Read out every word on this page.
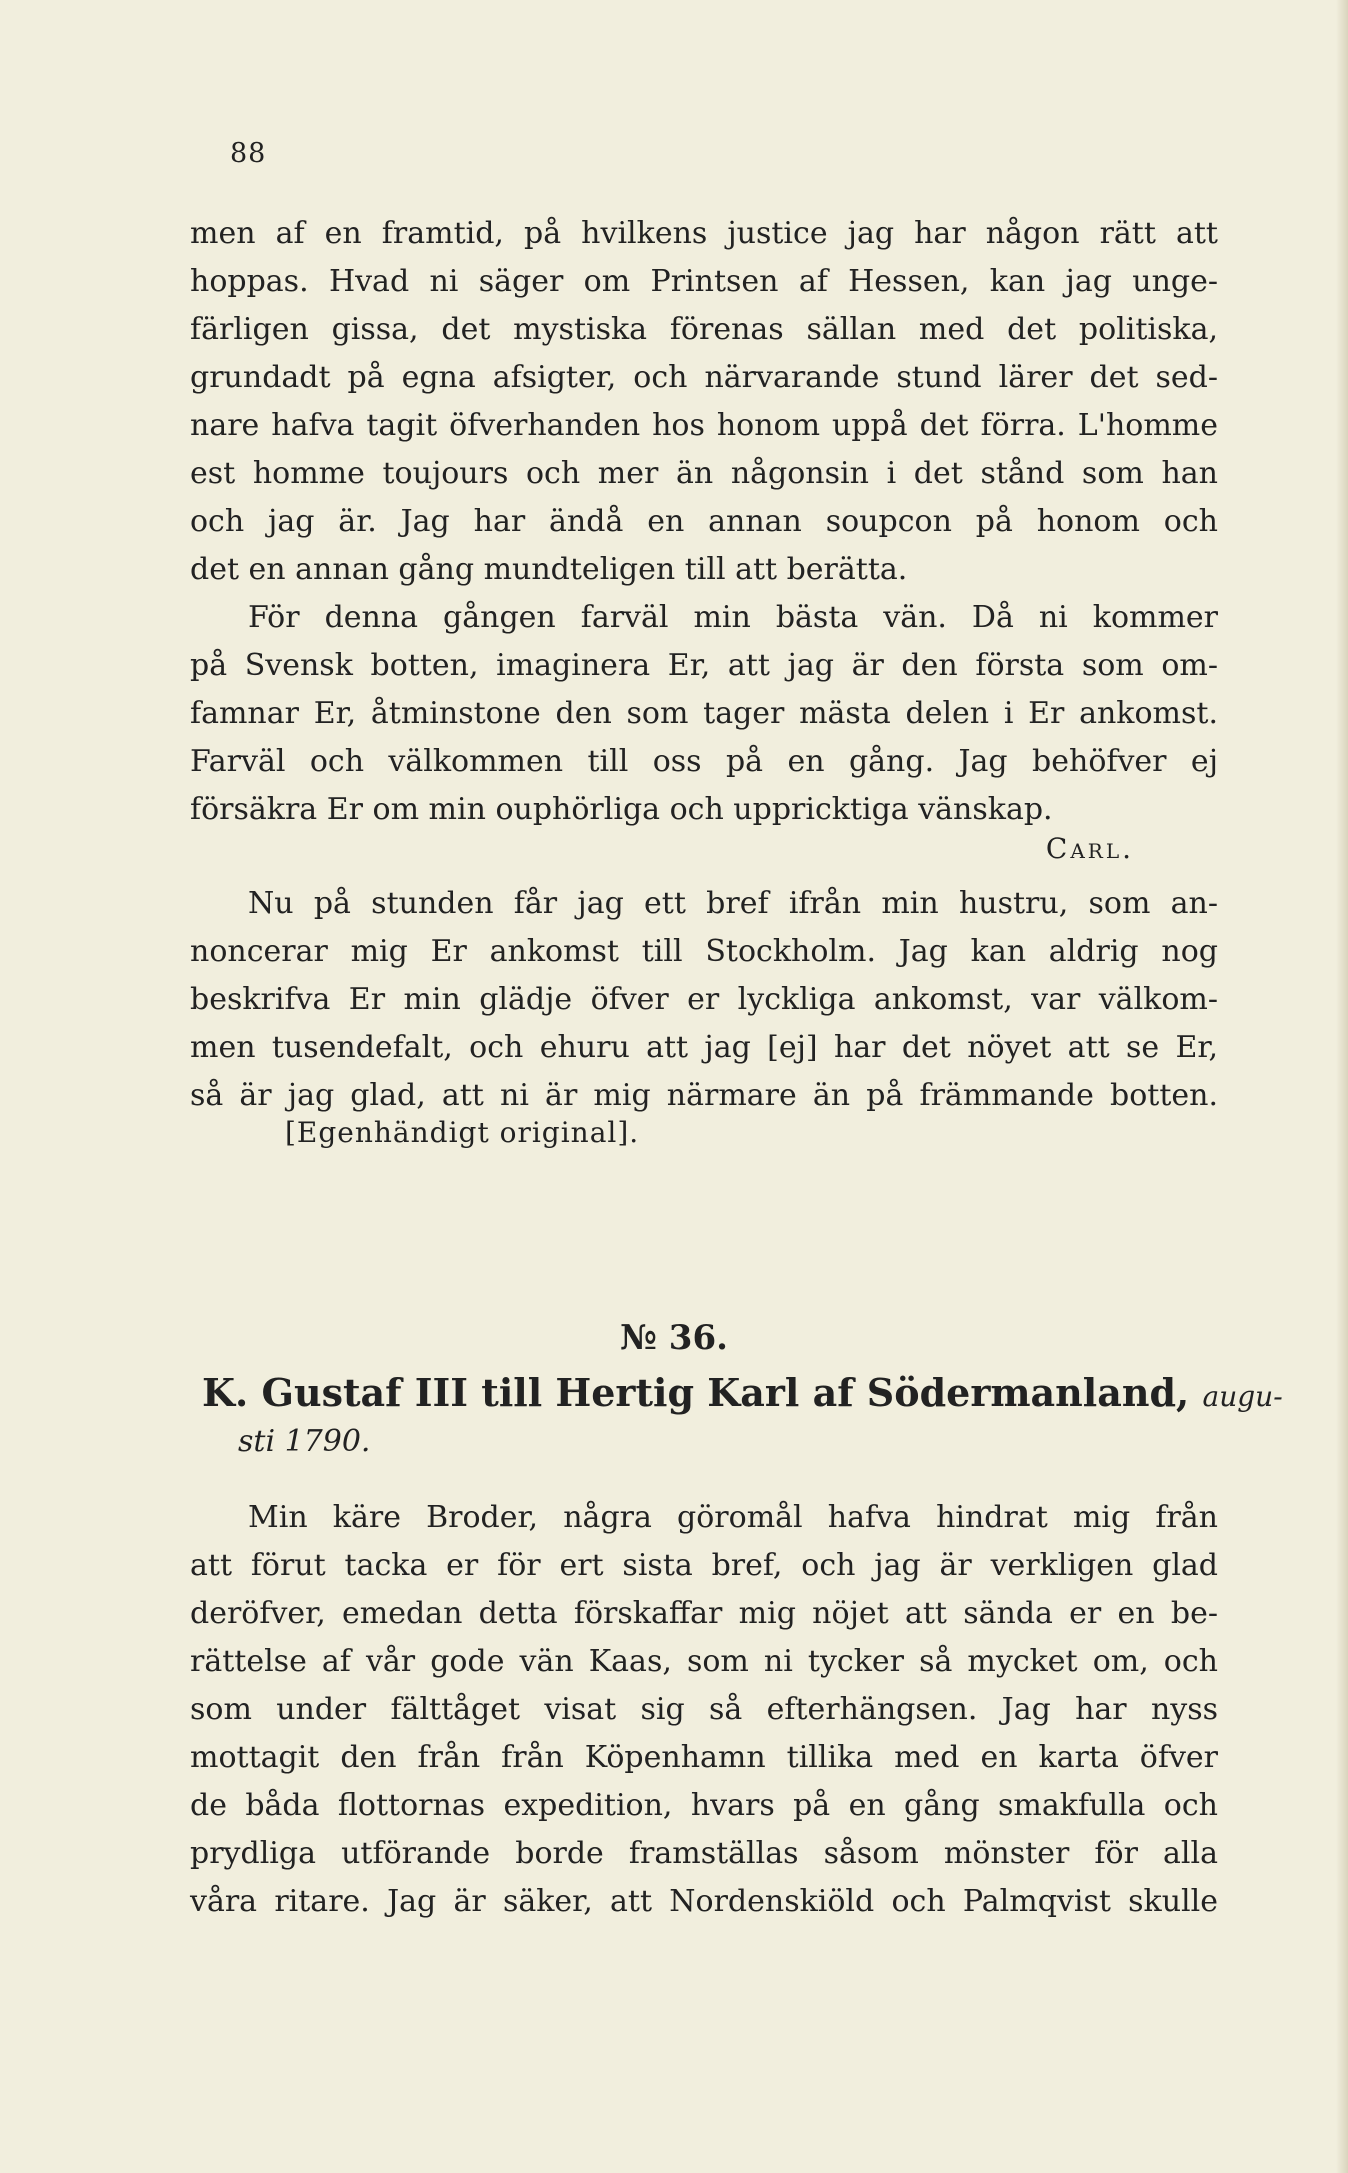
88
men af en framtid, på hvilkens justice jag har någon rätt att
hoppas. Hvad ni säger om Printsen af Hessen, kan jag unge-
färligen gissa, det mystiska förenas sällan med det politiska,
grundadt på egna afsigter, och närvarande stund lärer det sed-
nare hafva tagit öfverhanden hos honom uppå det förra. L'homme
est homme toujours och mer än någonsin i det stånd som han
och jag är. Jag har ändå en annan soupcon på honom och
det en annan gång mundteligen till att berätta.
För denna gången farväl min bästa vän. Då ni kommer
på Svensk botten, imaginera Er, att jag är den första som om-
famnar Er, åtminstone den som tager mästa delen i Er ankomst.
Farväl och välkommen till oss på en gång. Jag behöfver ej
försäkra Er om min ouphörliga och uppricktiga vänskap.
Carl.
Nu på stunden får jag ett bref ifrån min hustru, som an-
noncerar mig Er ankomst till Stockholm. Jag kan aldrig nog
beskrifva Er min glädje öfver er lyckliga ankomst, var välkom-
men tusendefalt, och ehuru att jag [ej] har det nöyet att se Er,
så är jag glad, att ni är mig närmare än på främmande botten.
[Egenhändigt original].
№ 36.
K. Gustaf III till Hertig Karl af Södermanland, augu-
sti 1790.
Min käre Broder, några göromål hafva hindrat mig från
att förut tacka er för ert sista bref, och jag är verkligen glad
deröfver, emedan detta förskaffar mig nöjet att sända er en be-
rättelse af vår gode vän Kaas, som ni tycker så mycket om, och
som under fälttåget visat sig så efterhängsen. Jag har nyss
mottagit den från från Köpenhamn tillika med en karta öfver
de båda flottornas expedition, hvars på en gång smakfulla och
prydliga utförande borde framställas såsom mönster för alla
våra ritare. Jag är säker, att Nordenskiöld och Palmqvist skulle
